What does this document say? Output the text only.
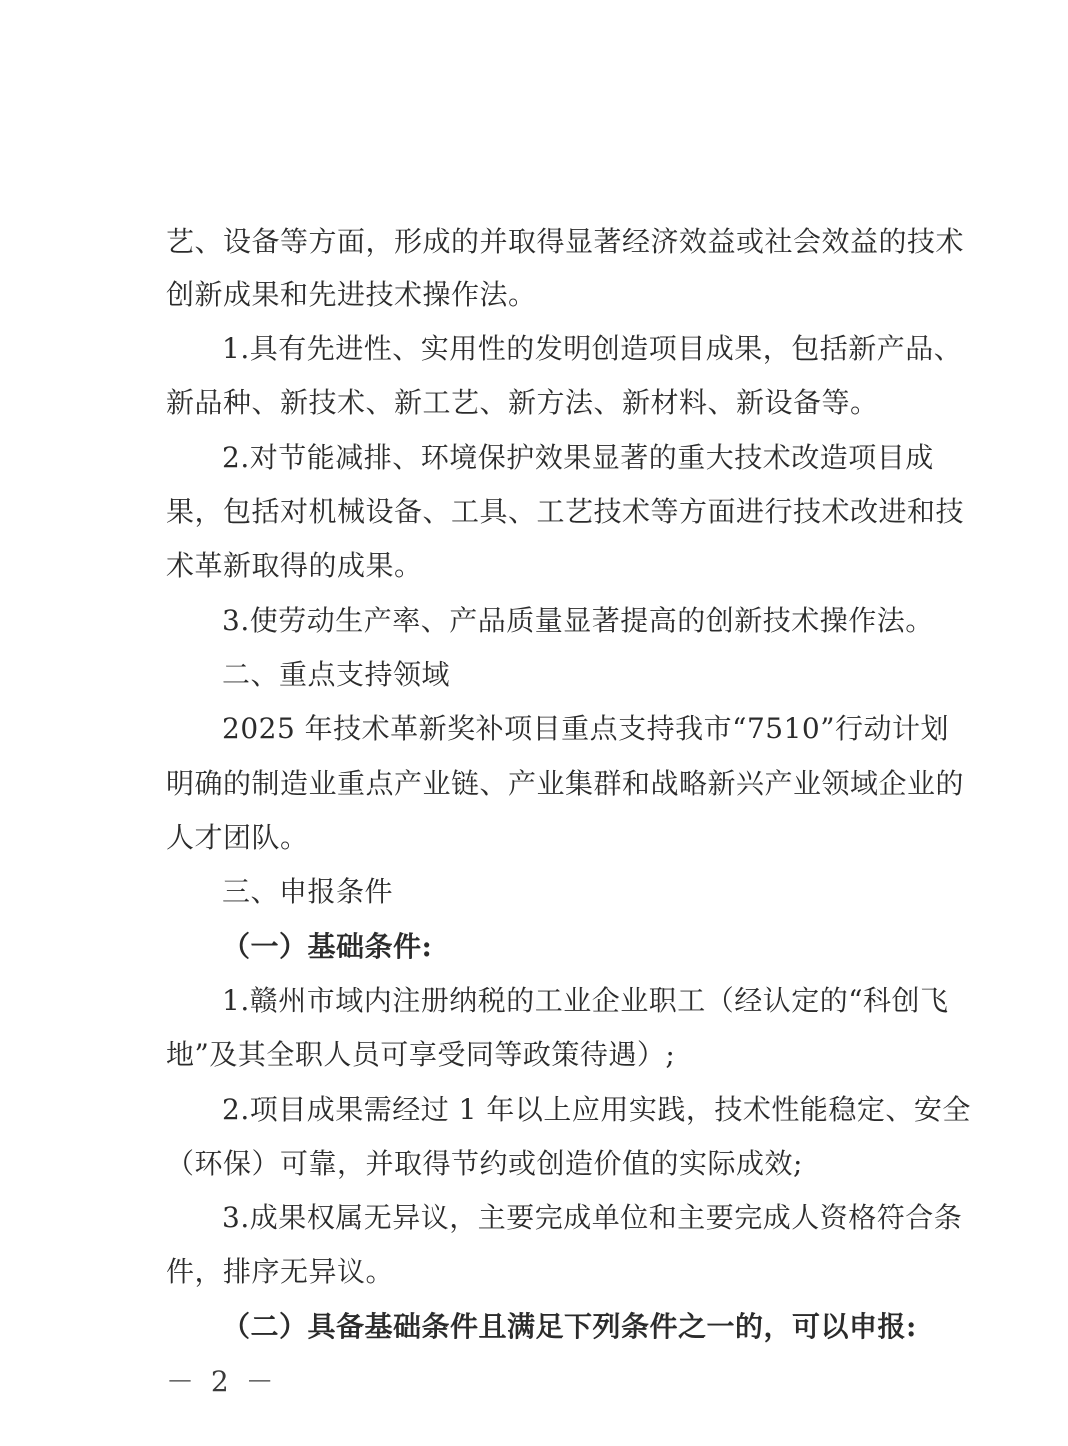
艺、设备等方面，形成的并取得显著经济效益或社会效益的技术
创新成果和先进技术操作法。
1.具有先进性、实用性的发明创造项目成果，包括新产品、
新品种、新技术、新工艺、新方法、新材料、新设备等。
2.对节能减排、环境保护效果显著的重大技术改造项目成
果，包括对机械设备、工具、工艺技术等方面进行技术改进和技
术革新取得的成果。
3.使劳动生产率、产品质量显著提高的创新技术操作法。
二、重点支持领域
2025 年技术革新奖补项目重点支持我市“7510”行动计划
明确的制造业重点产业链、产业集群和战略新兴产业领域企业的
人才团队。
三、申报条件
（一）基础条件:
1.赣州市域内注册纳税的工业企业职工（经认定的“科创飞
地”及其全职人员可享受同等政策待遇）;
2.项目成果需经过 1 年以上应用实践，技术性能稳定、安全
（环保）可靠，并取得节约或创造价值的实际成效;
3.成果权属无异议，主要完成单位和主要完成人资格符合条
件，排序无异议。
（二）具备基础条件且满足下列条件之一的，可以申报:
－ 2 －
